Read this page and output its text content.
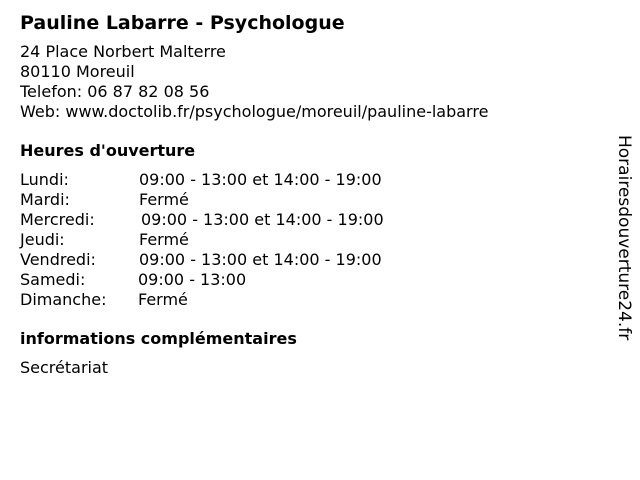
Pauline Labarre - Psychologue
24 Place Norbert Malterre
80110 Moreuil
Telefon: 06 87 82 08 56
Web: www.doctolib.fr/psychologue/moreuil/pauline-labarre
Heures d'ouverture
Lundi:	09:00 - 13:00 et 14:00 - 19:00
Mardi:	Fermé
Mercredi:	09:00 - 13:00 et 14:00 - 19:00
Jeudi:	Fermé
Vendredi:	09:00 - 13:00 et 14:00 - 19:00
Samedi:	09:00 - 13:00
Dimanche: Fermé
informations complémentaires
Secrétariat
Horairesdouverture24.fr
